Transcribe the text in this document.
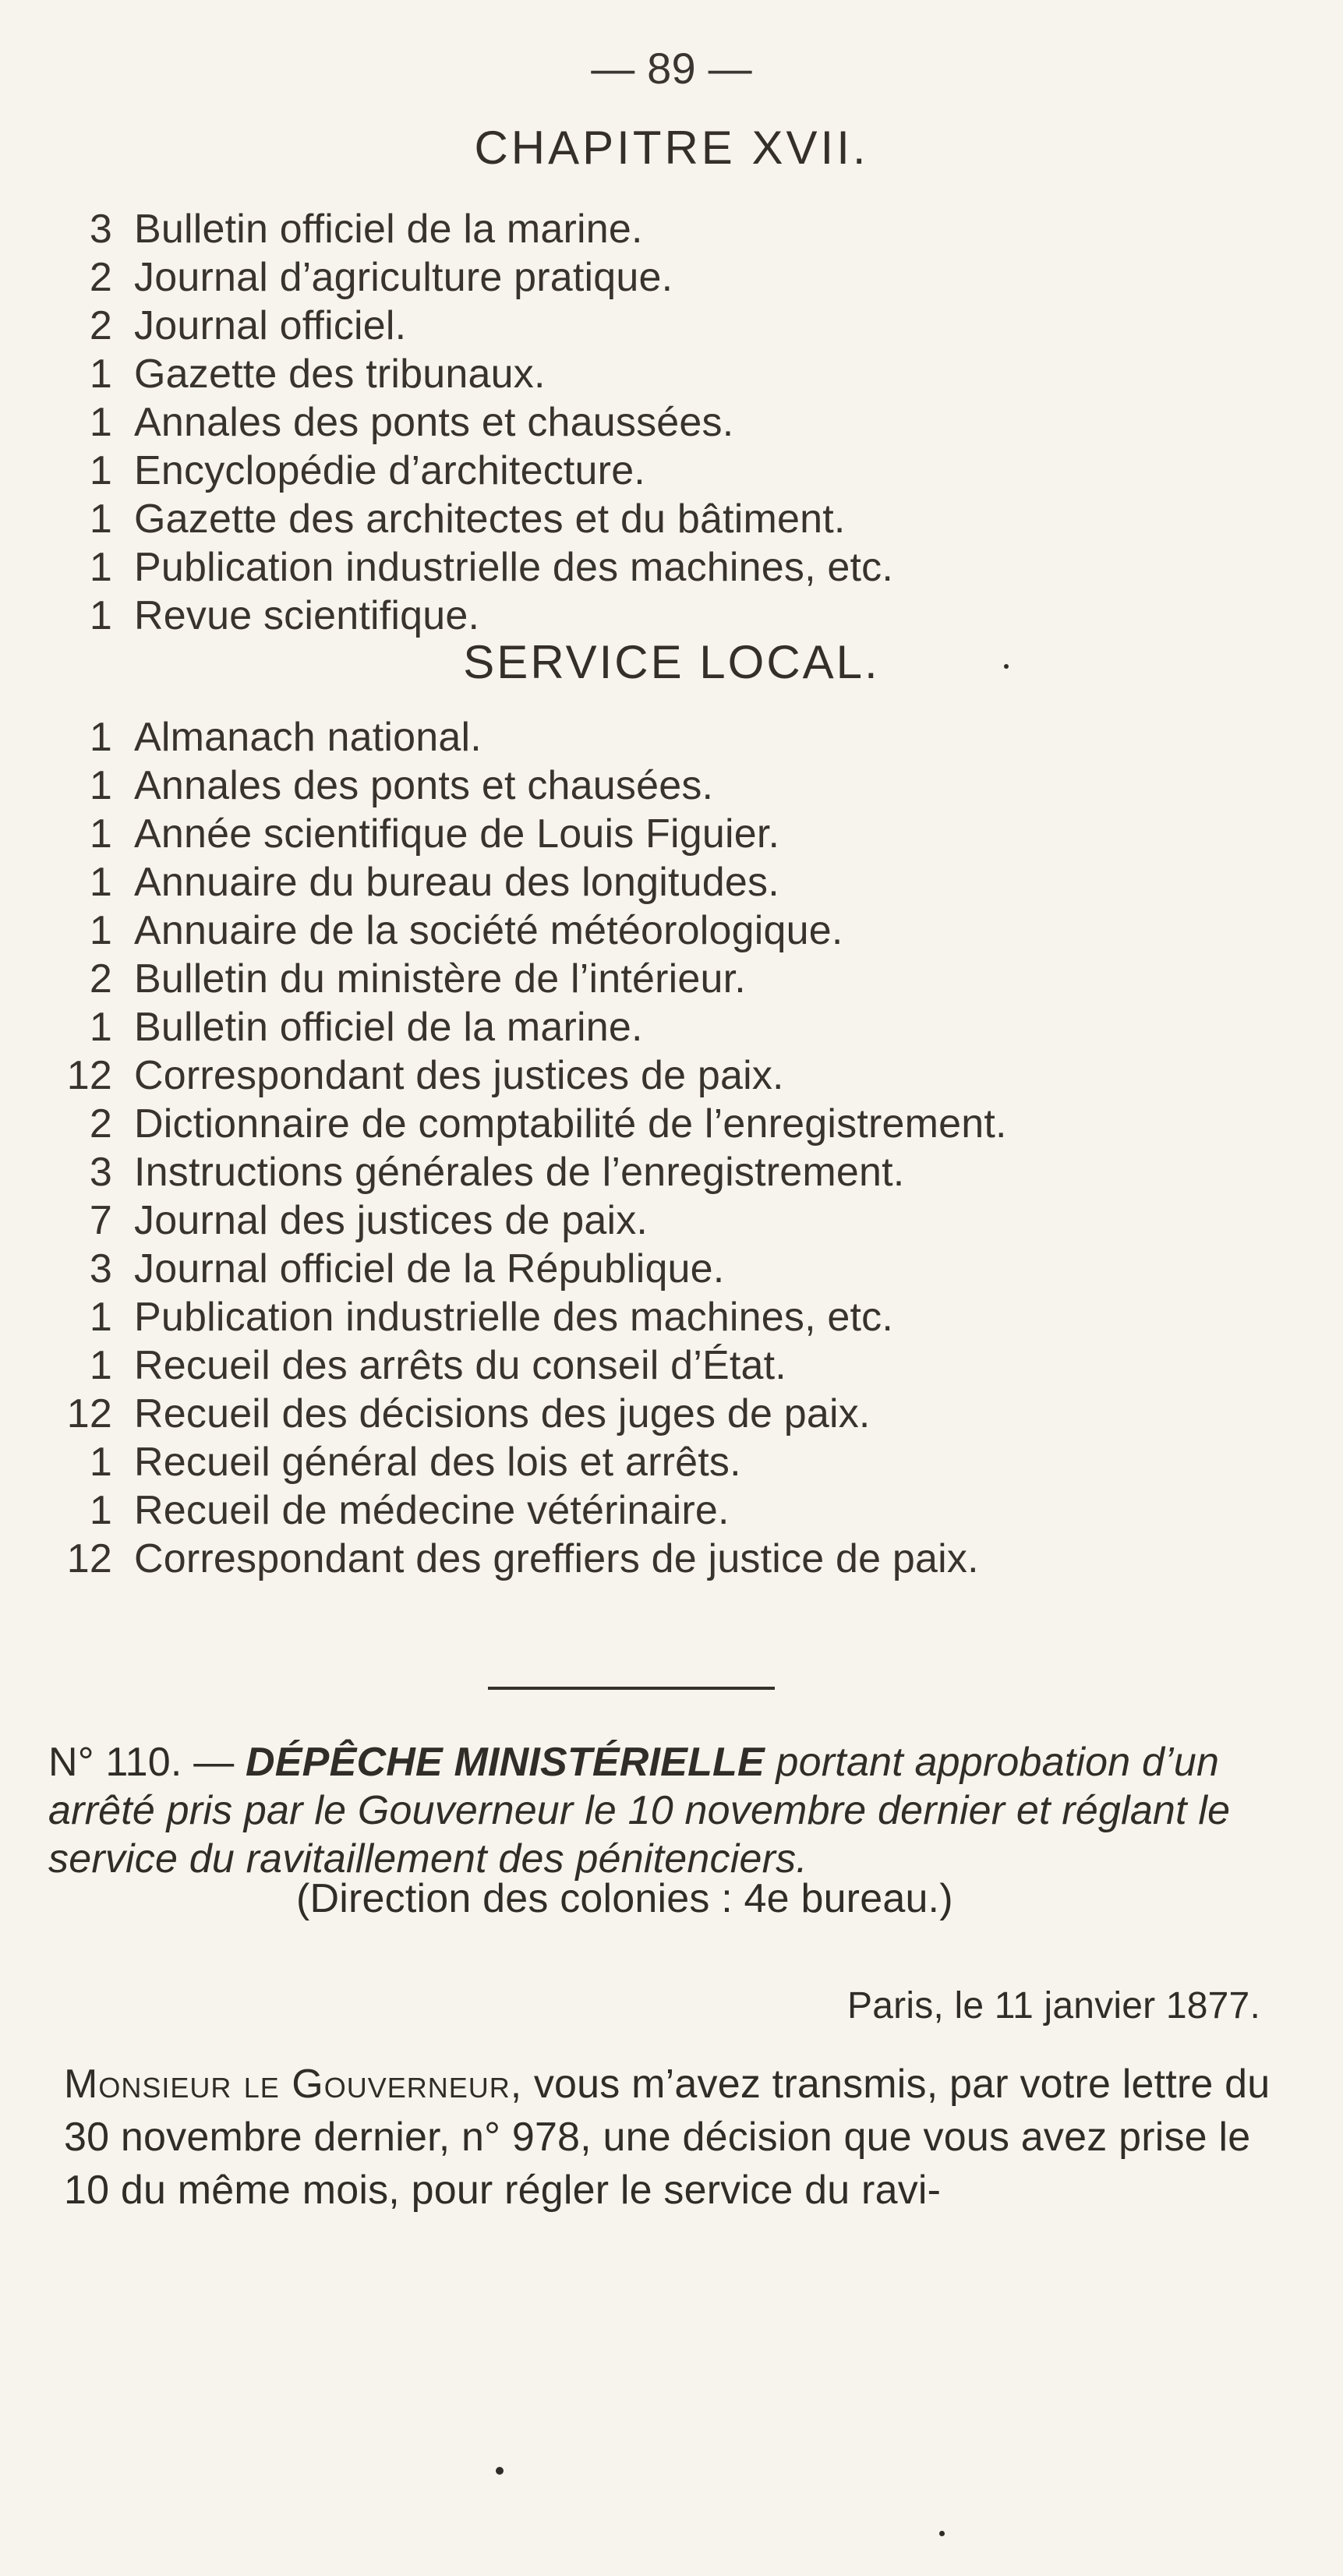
— 89 —
CHAPITRE XVII.
3 Bulletin officiel de la marine.
2 Journal d’agriculture pratique.
2 Journal officiel.
1 Gazette des tribunaux.
1 Annales des ponts et chaussées.
1 Encyclopédie d’architecture.
1 Gazette des architectes et du bâtiment.
1 Publication industrielle des machines, etc.
1 Revue scientifique.
SERVICE LOCAL.
1 Almanach national.
1 Annales des ponts et chausées.
1 Année scientifique de Louis Figuier.
1 Annuaire du bureau des longitudes.
1 Annuaire de la société météorologique.
2 Bulletin du ministère de l’intérieur.
1 Bulletin officiel de la marine.
12 Correspondant des justices de paix.
2 Dictionnaire de comptabilité de l’enregistrement.
3 Instructions générales de l’enregistrement.
7 Journal des justices de paix.
3 Journal officiel de la République.
1 Publication industrielle des machines, etc.
1 Recueil des arrêts du conseil d’État.
12 Recueil des décisions des juges de paix.
1 Recueil général des lois et arrêts.
1 Recueil de médecine vétérinaire.
12 Correspondant des greffiers de justice de paix.
N° 110. — DÉPÊCHE MINISTÉRIELLE portant approbation d’un arrêté pris par le Gouverneur le 10 novembre dernier et réglant le service du ravitaillement des pénitenciers.
(Direction des colonies : 4e bureau.)
Paris, le 11 janvier 1877.
Monsieur le Gouverneur, vous m’avez transmis, par votre lettre du 30 novembre dernier, n° 978, une décision que vous avez prise le 10 du même mois, pour régler le service du ravi-
